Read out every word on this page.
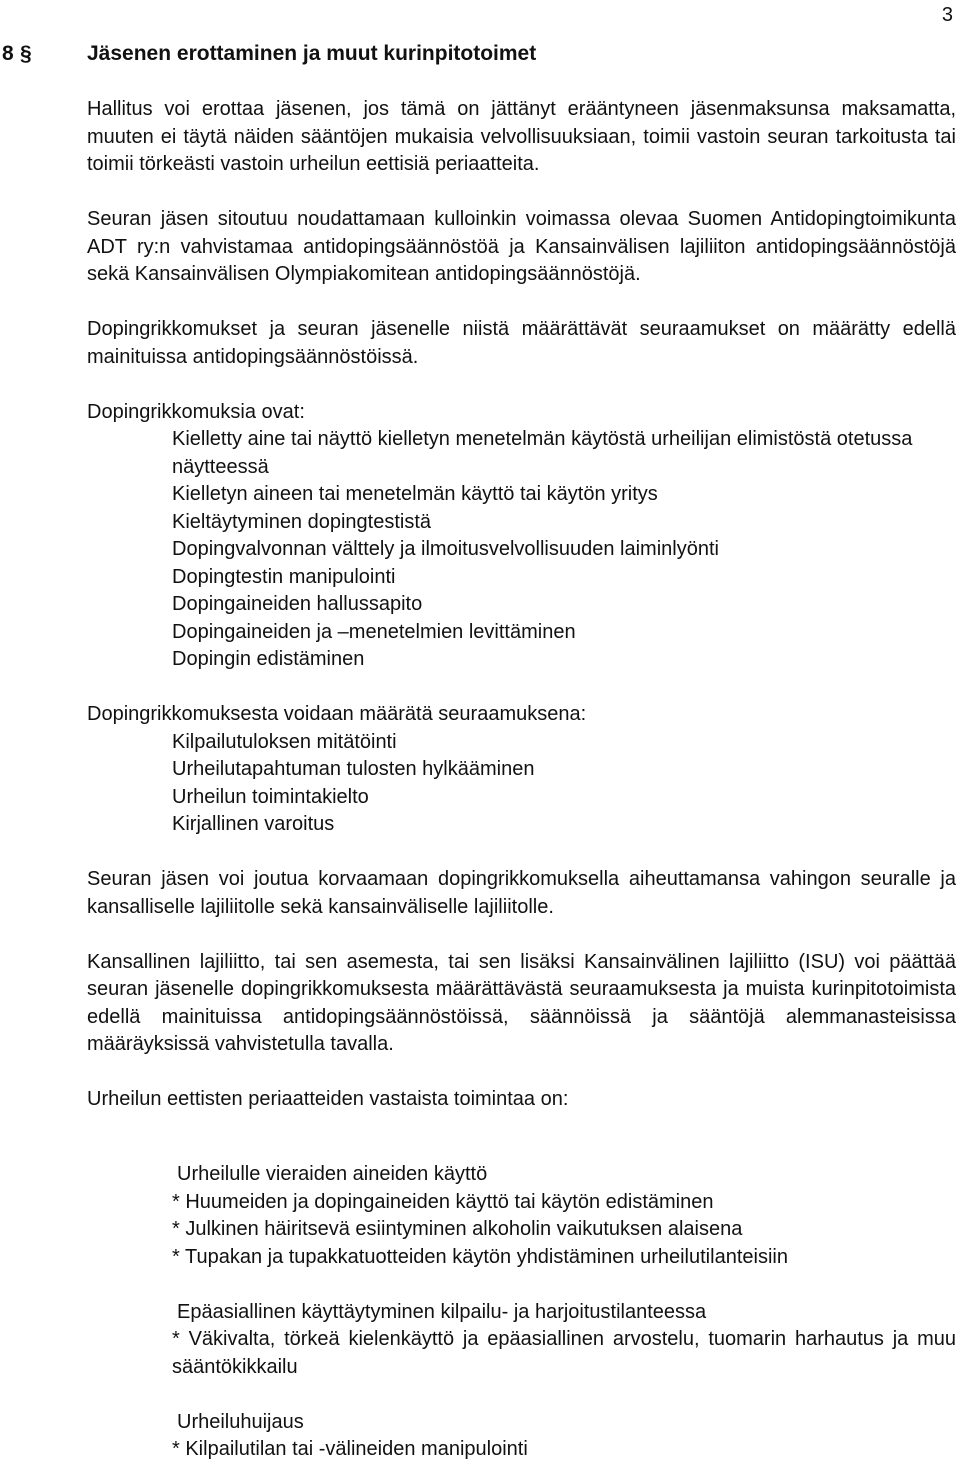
3
8 §	Jäsenen erottaminen ja muut kurinpitotoimet

Hallitus voi erottaa jäsenen, jos tämä on jättänyt erääntyneen jäsenmaksunsa maksamatta, muuten ei täytä näiden sääntöjen mukaisia velvollisuuksiaan, toimii vastoin seuran tarkoitusta tai toimii törkeästi vastoin urheilun eettisiä periaatteita.

Seuran jäsen sitoutuu noudattamaan kulloinkin voimassa olevaa Suomen Antidopingtoimikunta ADT ry:n vahvistamaa antidopingsäännöstöä ja Kansainvälisen lajiliiton antidopingsäännöstöjä sekä Kansainvälisen Olympiakomitean antidopingsäännöstöjä.

Dopingrikkomukset ja seuran jäsenelle niistä määrättävät seuraamukset on määrätty edellä mainituissa antidopingsäännöstöissä.

Dopingrikkomuksia ovat:

Kielletty aine tai näyttö kielletyn menetelmän käytöstä urheilijan elimistöstä otetussa näytteessä

Kielletyn aineen tai menetelmän käyttö tai käytön yritys

Kieltäytyminen dopingtestistä

Dopingvalvonnan välttely ja ilmoitusvelvollisuuden laiminlyönti

Dopingtestin manipulointi

Dopingaineiden hallussapito

Dopingaineiden ja –menetelmien levittäminen

Dopingin edistäminen

Dopingrikkomuksesta voidaan määrätä seuraamuksena:

Kilpailutuloksen mitätöinti

Urheilutapahtuman tulosten hylkääminen

Urheilun toimintakielto

Kirjallinen varoitus

Seuran jäsen voi joutua korvaamaan dopingrikkomuksella aiheuttamansa vahingon seuralle ja kansalliselle lajiliitolle sekä kansainväliselle lajiliitolle.

Kansallinen lajiliitto, tai sen asemesta, tai sen lisäksi Kansainvälinen lajiliitto (ISU) voi päättää seuran jäsenelle dopingrikkomuksesta määrättävästä seuraamuksesta ja muista kurinpitotoimista edellä mainituissa antidopingsäännöstöissä, säännöissä ja sääntöjä alemmanasteisissa määräyksissä vahvistetulla tavalla.

Urheilun eettisten periaatteiden vastaista toimintaa on:

Urheilulle vieraiden aineiden käyttö

* Huumeiden ja dopingaineiden käyttö tai käytön edistäminen

* Julkinen häiritsevä esiintyminen alkoholin vaikutuksen alaisena

* Tupakan ja tupakkatuotteiden käytön yhdistäminen urheilutilanteisiin

Epäasiallinen käyttäytyminen kilpailu- ja harjoitustilanteessa

* Väkivalta, törkeä kielenkäyttö ja epäasiallinen arvostelu, tuomarin harhautus ja muu sääntökikkailu

Urheiluhuijaus

* Kilpailutilan tai -välineiden manipulointi
